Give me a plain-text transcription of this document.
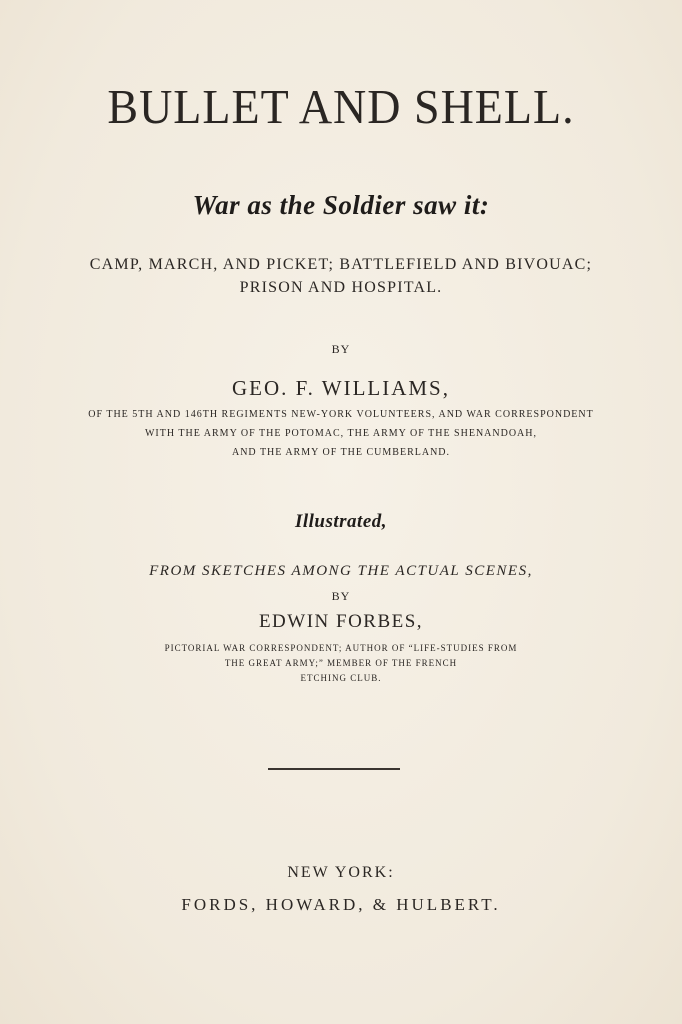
BULLET AND SHELL.
War as the Soldier saw it:
CAMP, MARCH, AND PICKET; BATTLEFIELD AND BIVOUAC;
PRISON AND HOSPITAL.
BY
GEO. F. WILLIAMS,
OF THE 5TH AND 146TH REGIMENTS NEW-YORK VOLUNTEERS, AND WAR CORRESPONDENT
WITH THE ARMY OF THE POTOMAC, THE ARMY OF THE SHENANDOAH,
AND THE ARMY OF THE CUMBERLAND.
Illustrated,
FROM SKETCHES AMONG THE ACTUAL SCENES,
BY
EDWIN FORBES,
PICTORIAL WAR CORRESPONDENT; AUTHOR OF “LIFE-STUDIES FROM
THE GREAT ARMY;” MEMBER OF THE FRENCH
ETCHING CLUB.
NEW YORK:
FORDS, HOWARD, & HULBERT.
